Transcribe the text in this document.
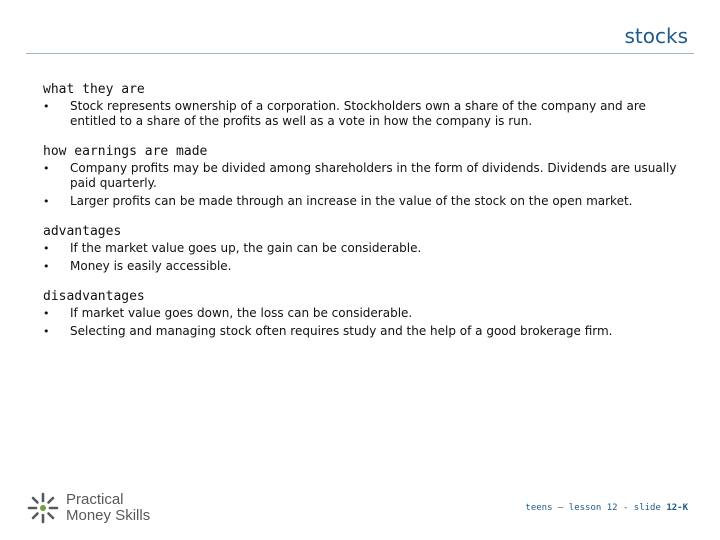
stocks
what they are
• Stock represents ownership of a corporation. Stockholders own a share of the company and are entitled to a share of the profits as well as a vote in how the company is run.
how earnings are made
• Company profits may be divided among shareholders in the form of dividends. Dividends are usually paid quarterly.
• Larger profits can be made through an increase in the value of the stock on the open market.
advantages
• If the market value goes up, the gain can be considerable.
• Money is easily accessible.
disadvantages
• If market value goes down, the loss can be considerable.
• Selecting and managing stock often requires study and the help of a good brokerage firm.
Practical
Money Skills	teens – lesson 12 - slide 12-K
